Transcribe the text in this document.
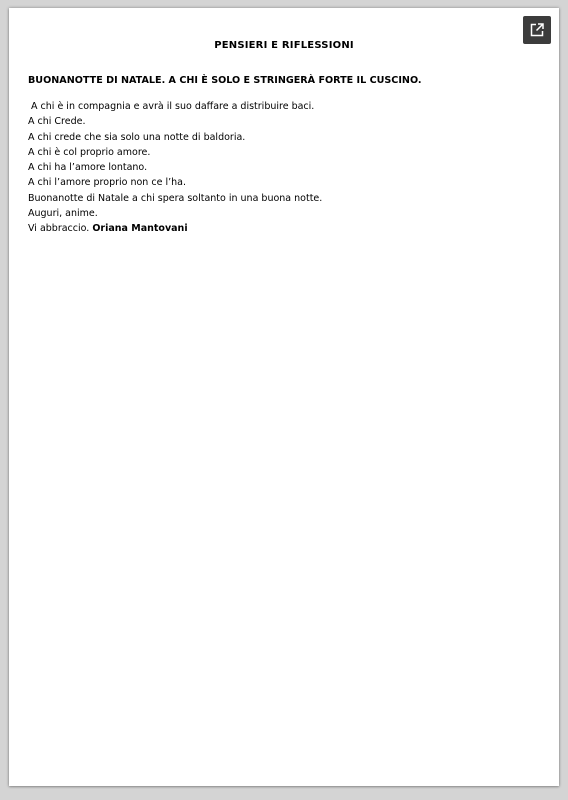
PENSIERI E RIFLESSIONI
BUONANOTTE DI NATALE. A CHI È SOLO E STRINGERÀ FORTE IL CUSCINO.
A chi è in compagnia e avrà il suo daffare a distribuire baci.
A chi Crede.
A chi crede che sia solo una notte di baldoria.
A chi è col proprio amore.
A chi ha l’amore lontano.
A chi l’amore proprio non ce l’ha.
Buonanotte di Natale a chi spera soltanto in una buona notte.
Auguri, anime.
Vi abbraccio. Oriana Mantovani
